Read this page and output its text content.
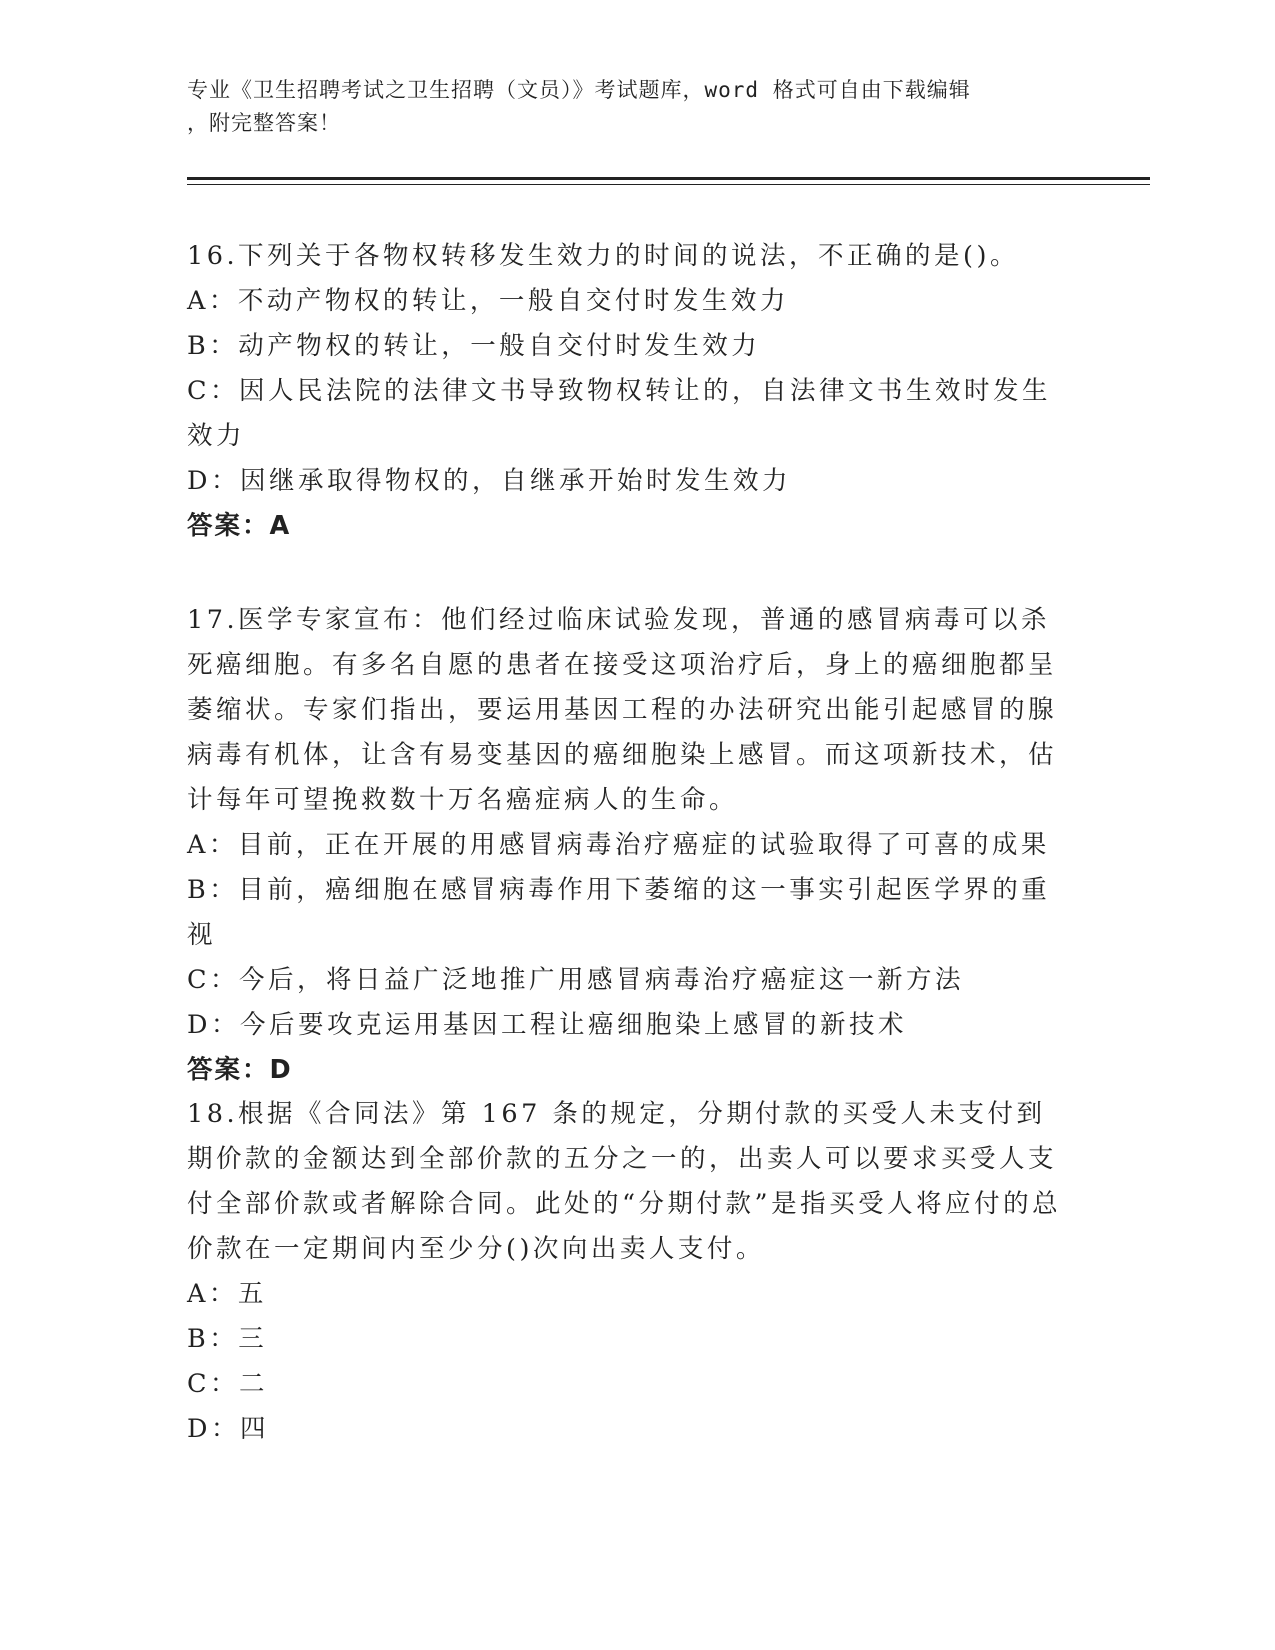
专业《卫生招聘考试之卫生招聘（文员）》考试题库，word 格式可自由下载编辑
，附完整答案！

16.下列关于各物权转移发生效力的时间的说法，不正确的是()。

A：不动产物权的转让，一般自交付时发生效力

B：动产物权的转让，一般自交付时发生效力

C：因人民法院的法律文书导致物权转让的，自法律文书生效时发生效力

D：因继承取得物权的，自继承开始时发生效力

答案：A

17.医学专家宣布：他们经过临床试验发现，普通的感冒病毒可以杀死癌细胞。有多名自愿的患者在接受这项治疗后，身上的癌细胞都呈萎缩状。专家们指出，要运用基因工程的办法研究出能引起感冒的腺病毒有机体，让含有易变基因的癌细胞染上感冒。而这项新技术，估计每年可望挽救数十万名癌症病人的生命。

A：目前，正在开展的用感冒病毒治疗癌症的试验取得了可喜的成果

B：目前，癌细胞在感冒病毒作用下萎缩的这一事实引起医学界的重视

C：今后，将日益广泛地推广用感冒病毒治疗癌症这一新方法

D：今后要攻克运用基因工程让癌细胞染上感冒的新技术

答案：D

18.根据《合同法》第 167 条的规定，分期付款的买受人未支付到期价款的金额达到全部价款的五分之一的，出卖人可以要求买受人支付全部价款或者解除合同。此处的“分期付款”是指买受人将应付的总价款在一定期间内至少分()次向出卖人支付。

A：五

B：三

C：二

D：四
